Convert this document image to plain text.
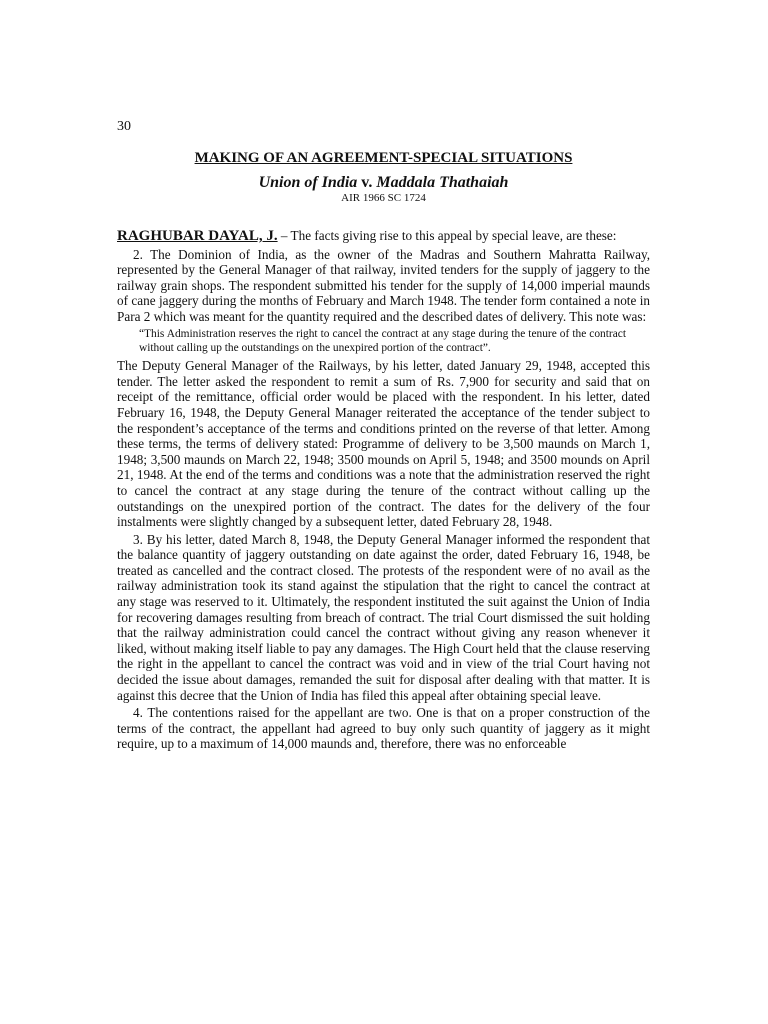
30
MAKING OF AN AGREEMENT-SPECIAL SITUATIONS
Union of India v. Maddala Thathaiah
AIR 1966 SC 1724

RAGHUBAR DAYAL, J. – The facts giving rise to this appeal by special leave, are these:

2. The Dominion of India, as the owner of the Madras and Southern Mahratta Railway, represented by the General Manager of that railway, invited tenders for the supply of jaggery to the railway grain shops. The respondent submitted his tender for the supply of 14,000 imperial maunds of cane jaggery during the months of February and March 1948. The tender form contained a note in Para 2 which was meant for the quantity required and the described dates of delivery. This note was:

“This Administration reserves the right to cancel the contract at any stage during the tenure of the contract without calling up the outstandings on the unexpired portion of the contract”.

The Deputy General Manager of the Railways, by his letter, dated January 29, 1948, accepted this tender. The letter asked the respondent to remit a sum of Rs. 7,900 for security and said that on receipt of the remittance, official order would be placed with the respondent. In his letter, dated February 16, 1948, the Deputy General Manager reiterated the acceptance of the tender subject to the respondent’s acceptance of the terms and conditions printed on the reverse of that letter. Among these terms, the terms of delivery stated: Programme of delivery to be 3,500 maunds on March 1, 1948; 3,500 maunds on March 22, 1948; 3500 mounds on April 5, 1948; and 3500 mounds on April 21, 1948. At the end of the terms and conditions was a note that the administration reserved the right to cancel the contract at any stage during the tenure of the contract without calling up the outstandings on the unexpired portion of the contract. The dates for the delivery of the four instalments were slightly changed by a subsequent letter, dated February 28, 1948.

3. By his letter, dated March 8, 1948, the Deputy General Manager informed the respondent that the balance quantity of jaggery outstanding on date against the order, dated February 16, 1948, be treated as cancelled and the contract closed. The protests of the respondent were of no avail as the railway administration took its stand against the stipulation that the right to cancel the contract at any stage was reserved to it. Ultimately, the respondent instituted the suit against the Union of India for recovering damages resulting from breach of contract. The trial Court dismissed the suit holding that the railway administration could cancel the contract without giving any reason whenever it liked, without making itself liable to pay any damages. The High Court held that the clause reserving the right in the appellant to cancel the contract was void and in view of the trial Court having not decided the issue about damages, remanded the suit for disposal after dealing with that matter. It is against this decree that the Union of India has filed this appeal after obtaining special leave.

4. The contentions raised for the appellant are two. One is that on a proper construction of the terms of the contract, the appellant had agreed to buy only such quantity of jaggery as it might require, up to a maximum of 14,000 maunds and, therefore, there was no enforceable
